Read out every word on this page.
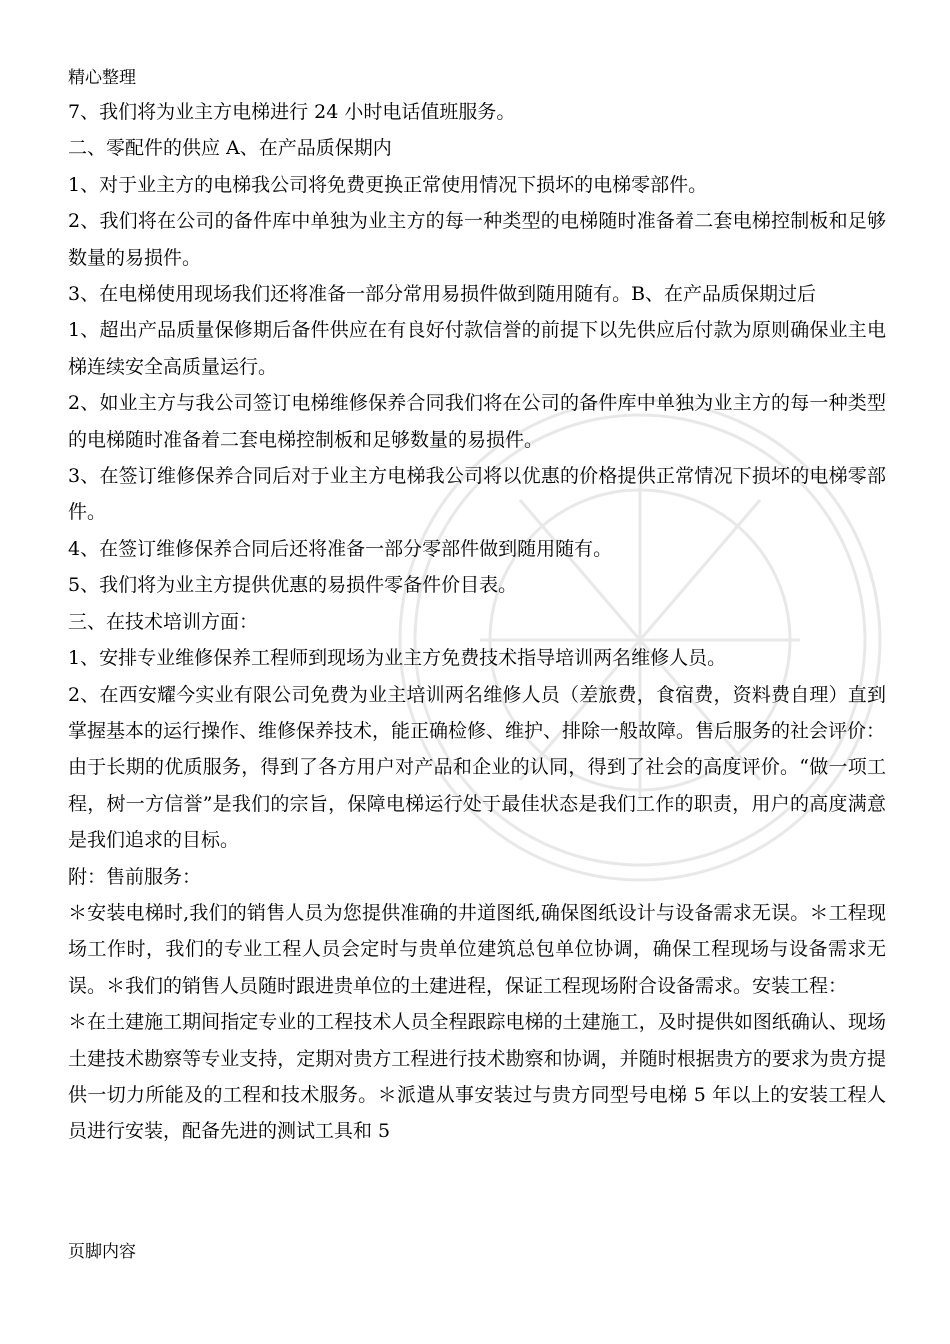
精心整理

7、我们将为业主方电梯进行 24 小时电话值班服务。

二、零配件的供应 A、在产品质保期内

1、对于业主方的电梯我公司将免费更换正常使用情况下损坏的电梯零部件。

2、我们将在公司的备件库中单独为业主方的每一种类型的电梯随时准备着二套电梯控制板和足够数量的易损件。

3、在电梯使用现场我们还将准备一部分常用易损件做到随用随有。B、在产品质保期过后

1、超出产品质量保修期后备件供应在有良好付款信誉的前提下以先供应后付款为原则确保业主电梯连续安全高质量运行。

2、如业主方与我公司签订电梯维修保养合同我们将在公司的备件库中单独为业主方的每一种类型的电梯随时准备着二套电梯控制板和足够数量的易损件。

3、在签订维修保养合同后对于业主方电梯我公司将以优惠的价格提供正常情况下损坏的电梯零部件。

4、在签订维修保养合同后还将准备一部分零部件做到随用随有。

5、我们将为业主方提供优惠的易损件零备件价目表。

三、在技术培训方面：

1、安排专业维修保养工程师到现场为业主方免费技术指导培训两名维修人员。

2、在西安耀今实业有限公司免费为业主培训两名维修人员（差旅费，食宿费，资料费自理）直到掌握基本的运行操作、维修保养技术，能正确检修、维护、排除一般故障。售后服务的社会评价：

由于长期的优质服务，得到了各方用户对产品和企业的认同，得到了社会的高度评价。“做一项工程，树一方信誉”是我们的宗旨，保障电梯运行处于最佳状态是我们工作的职责，用户的高度满意是我们追求的目标。

附：售前服务：

＊安装电梯时,我们的销售人员为您提供准确的井道图纸,确保图纸设计与设备需求无误。＊工程现场工作时，我们的专业工程人员会定时与贵单位建筑总包单位协调，确保工程现场与设备需求无误。＊我们的销售人员随时跟进贵单位的土建进程，保证工程现场附合设备需求。安装工程：

＊在土建施工期间指定专业的工程技术人员全程跟踪电梯的土建施工，及时提供如图纸确认、现场土建技术勘察等专业支持，定期对贵方工程进行技术勘察和协调，并随时根据贵方的要求为贵方提供一切力所能及的工程和技术服务。＊派遣从事安装过与贵方同型号电梯 5 年以上的安装工程人员进行安装，配备先进的测试工具和 5

页脚内容
